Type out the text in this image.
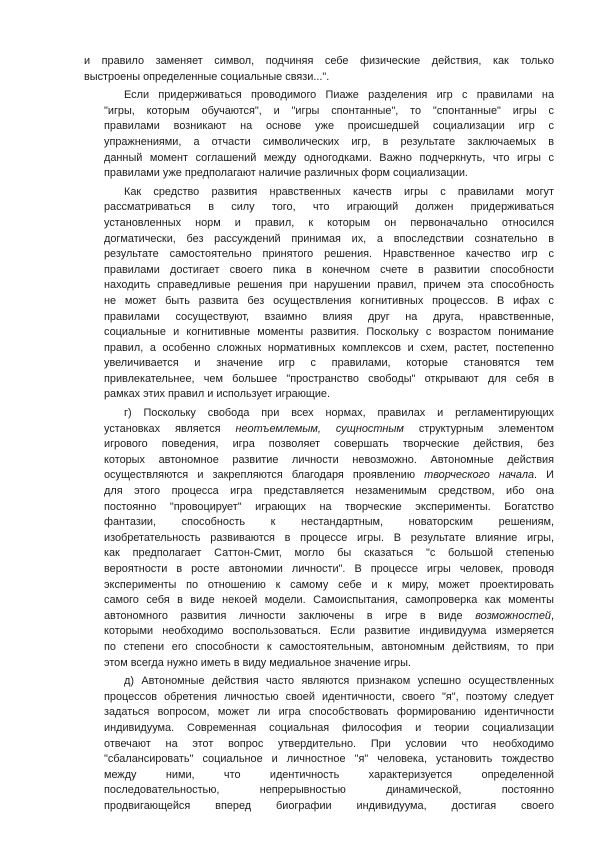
и правило заменяет символ, подчиняя себе физические действия, как только
выстроены определенные социальные связи...".
Если придерживаться проводимого Пиаже разделения игр с правилами на
"игры, которым обучаются", и "игры спонтанные", то "спонтанные" игры с
правилами возникают на основе уже происшедшей социализации игр с
упражнениями, а отчасти символических игр, в результате заключаемых в
данный момент соглашений между одногодками. Важно подчеркнуть, что игры с
правилами уже предполагают наличие различных форм социализации.
Как средство развития нравственных качеств игры с правилами могут
рассматриваться в силу того, что играющий должен придерживаться
установленных норм и правил, к которым он первоначально относился
догматически, без рассуждений принимая их, а впоследствии сознательно в
результате самостоятельно принятого решения. Нравственное качество игр с
правилами достигает своего пика в конечном счете в развитии способности
находить справедливые решения при нарушении правил, причем эта способность
не может быть развита без осуществления когнитивных процессов. В ифах с
правилами сосуществуют, взаимно влияя друг на друга, нравственные,
социальные и когнитивные моменты развития. Поскольку с возрастом понимание
правил, а особенно сложных нормативных комплексов и схем, растет, постепенно
увеличивается и значение игр с правилами, которые становятся тем
привлекательнее, чем большее "пространство свободы" открывают для себя в
рамках этих правил и использует играющие.
г) Поскольку свобода при всех нормах, правилах и регламентирующих
установках является неотъемлемым, сущностным структурным элементом
игрового поведения, игра позволяет совершать творческие действия, без
которых автономное развитие личности невозможно. Автономные действия
осуществляются и закрепляются благодаря проявлению творческого начала. И
для этого процесса игра представляется незаменимым средством, ибо она
постоянно "провоцирует" играющих на творческие эксперименты. Богатство
фантазии, способность к нестандартным, новаторским решениям,
изобретательность развиваются в процессе игры. В результате влияние игры,
как предполагает Саттон-Смит, могло бы сказаться "с большой степенью
вероятности в росте автономии личности". В процессе игры человек, проводя
эксперименты по отношению к самому себе и к миру, может проектировать
самого себя в виде некоей модели. Самоиспытания, самопроверка как моменты
автономного развития личности заключены в игре в виде возможностей,
которыми необходимо воспользоваться. Если развитие индивидуума измеряется
по степени его способности к самостоятельным, автономным действиям, то при
этом всегда нужно иметь в виду медиальное значение игры.
д) Автономные действия часто являются признаком успешно осуществленных
процессов обретения личностью своей идентичности, своего "я", поэтому следует
задаться вопросом, может ли игра способствовать формированию идентичности
индивидуума. Современная социальная философия и теории социализации
отвечают на этот вопрос утвердительно. При условии что необходимо
"сбалансировать" социальное и личностное "я" человека, установить тождество
между ними, что идентичность характеризуется определенной
последовательностью, непрерывностью динамической, постоянно
продвигающейся вперед биографии индивидуума, достигая своего
